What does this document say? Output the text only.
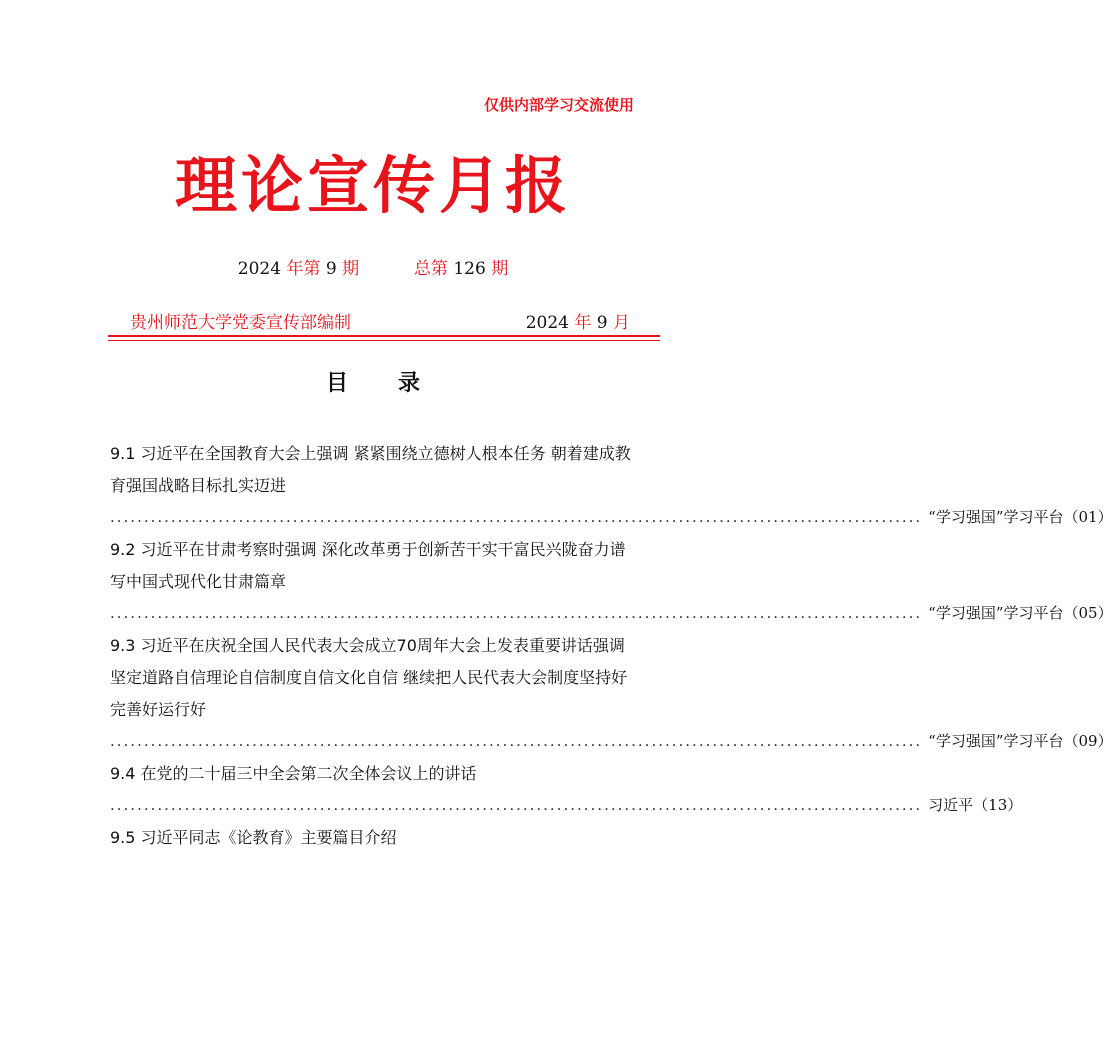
仅供内部学习交流使用
理论宣传月报
2024 年第 9 期	总第 126 期
贵州师范大学党委宣传部编制	2024 年 9 月
目录
9.1 习近平在全国教育大会上强调 紧紧围绕立德树人根本任务 朝着建成教育强国战略目标扎实迈进
........................................................................................................................ “学习强国”学习平台（01）
9.2 习近平在甘肃考察时强调 深化改革勇于创新苦干实干富民兴陇奋力谱写中国式现代化甘肃篇章
........................................................................................................................ “学习强国”学习平台（05）
9.3 习近平在庆祝全国人民代表大会成立70周年大会上发表重要讲话强调 坚定道路自信理论自信制度自信文化自信 继续把人民代表大会制度坚持好完善好运行好
........................................................................................................................ “学习强国”学习平台（09）
9.4 在党的二十届三中全会第二次全体会议上的讲话
........................................................................................................................ 习近平（13）
9.5 习近平同志《论教育》主要篇目介绍
